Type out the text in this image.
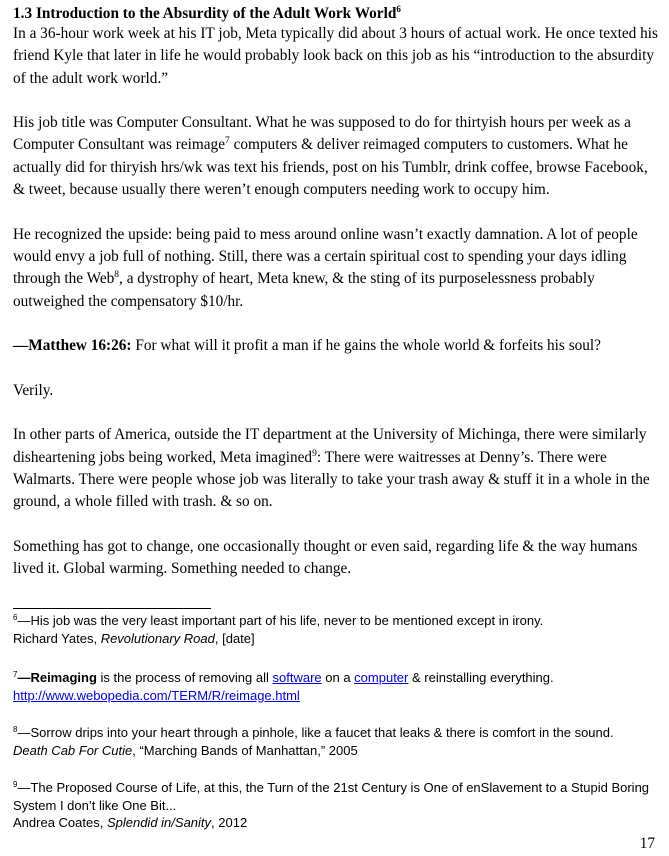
1.3 Introduction to the Absurdity of the Adult Work World$^6$

In a 36-hour work week at his IT job, Meta typically did about 3 hours of actual work. He once texted his friend Kyle that later in life he would probably look back on this job as his “introduction to the absurdity of the adult work world.”

His job title was Computer Consultant. What he was supposed to do for thirtyish hours per week as a Computer Consultant was reimage$^7$ computers & deliver reimaged computers to customers. What he actually did for thiryish hrs/wk was text his friends, post on his Tumblr, drink coffee, browse Facebook, & tweet, because usually there weren’t enough computers needing work to occupy him.

He recognized the upside: being paid to mess around online wasn’t exactly damnation. A lot of people would envy a job full of nothing. Still, there was a certain spiritual cost to spending your days idling through the Web$^8$, a dystrophy of heart, Meta knew, & the sting of its purposelessness probably outweighed the compensatory $10/hr.

—Matthew 16:26: For what will it profit a man if he gains the whole world & forfeits his soul?

Verily.

In other parts of America, outside the IT department at the University of Michinga, there were similarly disheartening jobs being worked, Meta imagined$^9$: There were waitresses at Denny’s. There were Walmarts. There were people whose job was literally to take your trash away & stuff it in a whole in the ground, a whole filled with trash. & so on.

Something has got to change, one occasionally thought or even said, regarding life & the way humans lived it. Global warming. Something needed to change.

$^6$—His job was the very least important part of his life, never to be mentioned except in irony.

Richard Yates, Revolutionary Road, [date]

$^7$—Reimaging is the process of removing all software on a computer & reinstalling everything.

http://www.webopedia.com/TERM/R/reimage.html

$^8$—Sorrow drips into your heart through a pinhole, like a faucet that leaks & there is comfort in the sound.

Death Cab For Cutie, “Marching Bands of Manhattan,” 2005

$^9$—The Proposed Course of Life, at this, the Turn of the 21st Century is One of enSlavement to a Stupid Boring System I don’t like One Bit...

Andrea Coates, Splendid in/Sanity, 2012

17
